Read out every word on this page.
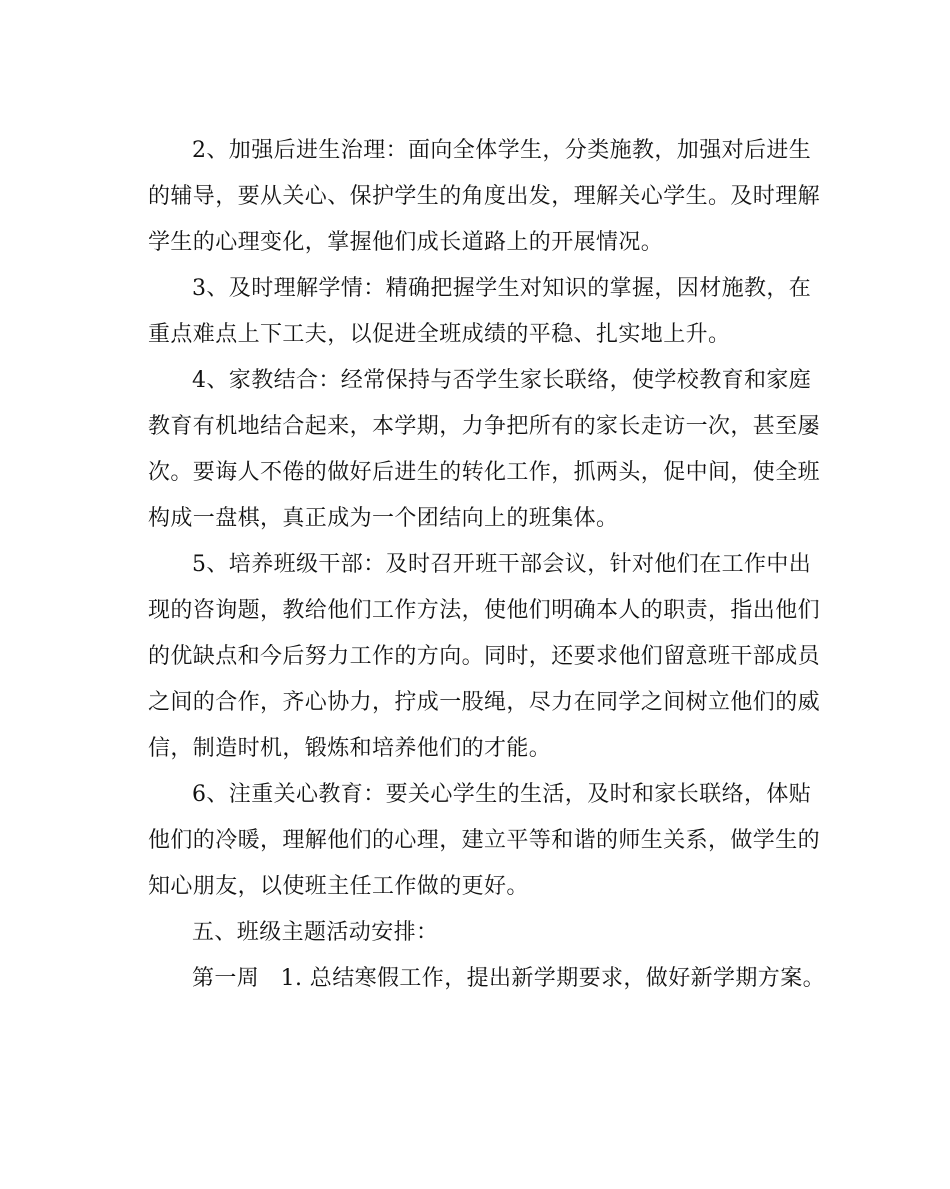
2、加强后进生治理：面向全体学生，分类施教，加强对后进生
的辅导，要从关心、保护学生的角度出发，理解关心学生。及时理解
学生的心理变化，掌握他们成长道路上的开展情况。
3、及时理解学情：精确把握学生对知识的掌握，因材施教，在
重点难点上下工夫，以促进全班成绩的平稳、扎实地上升。
4、家教结合：经常保持与否学生家长联络，使学校教育和家庭
教育有机地结合起来，本学期，力争把所有的家长走访一次，甚至屡
次。要诲人不倦的做好后进生的转化工作，抓两头，促中间，使全班
构成一盘棋，真正成为一个团结向上的班集体。
5、培养班级干部：及时召开班干部会议，针对他们在工作中出
现的咨询题，教给他们工作方法，使他们明确本人的职责，指出他们
的优缺点和今后努力工作的方向。同时，还要求他们留意班干部成员
之间的合作，齐心协力，拧成一股绳，尽力在同学之间树立他们的威
信，制造时机，锻炼和培养他们的才能。
6、注重关心教育：要关心学生的生活，及时和家长联络，体贴
他们的冷暖，理解他们的心理，建立平等和谐的师生关系，做学生的
知心朋友，以使班主任工作做的更好。
五、班级主题活动安排：
第一周 1. 总结寒假工作，提出新学期要求，做好新学期方案。
